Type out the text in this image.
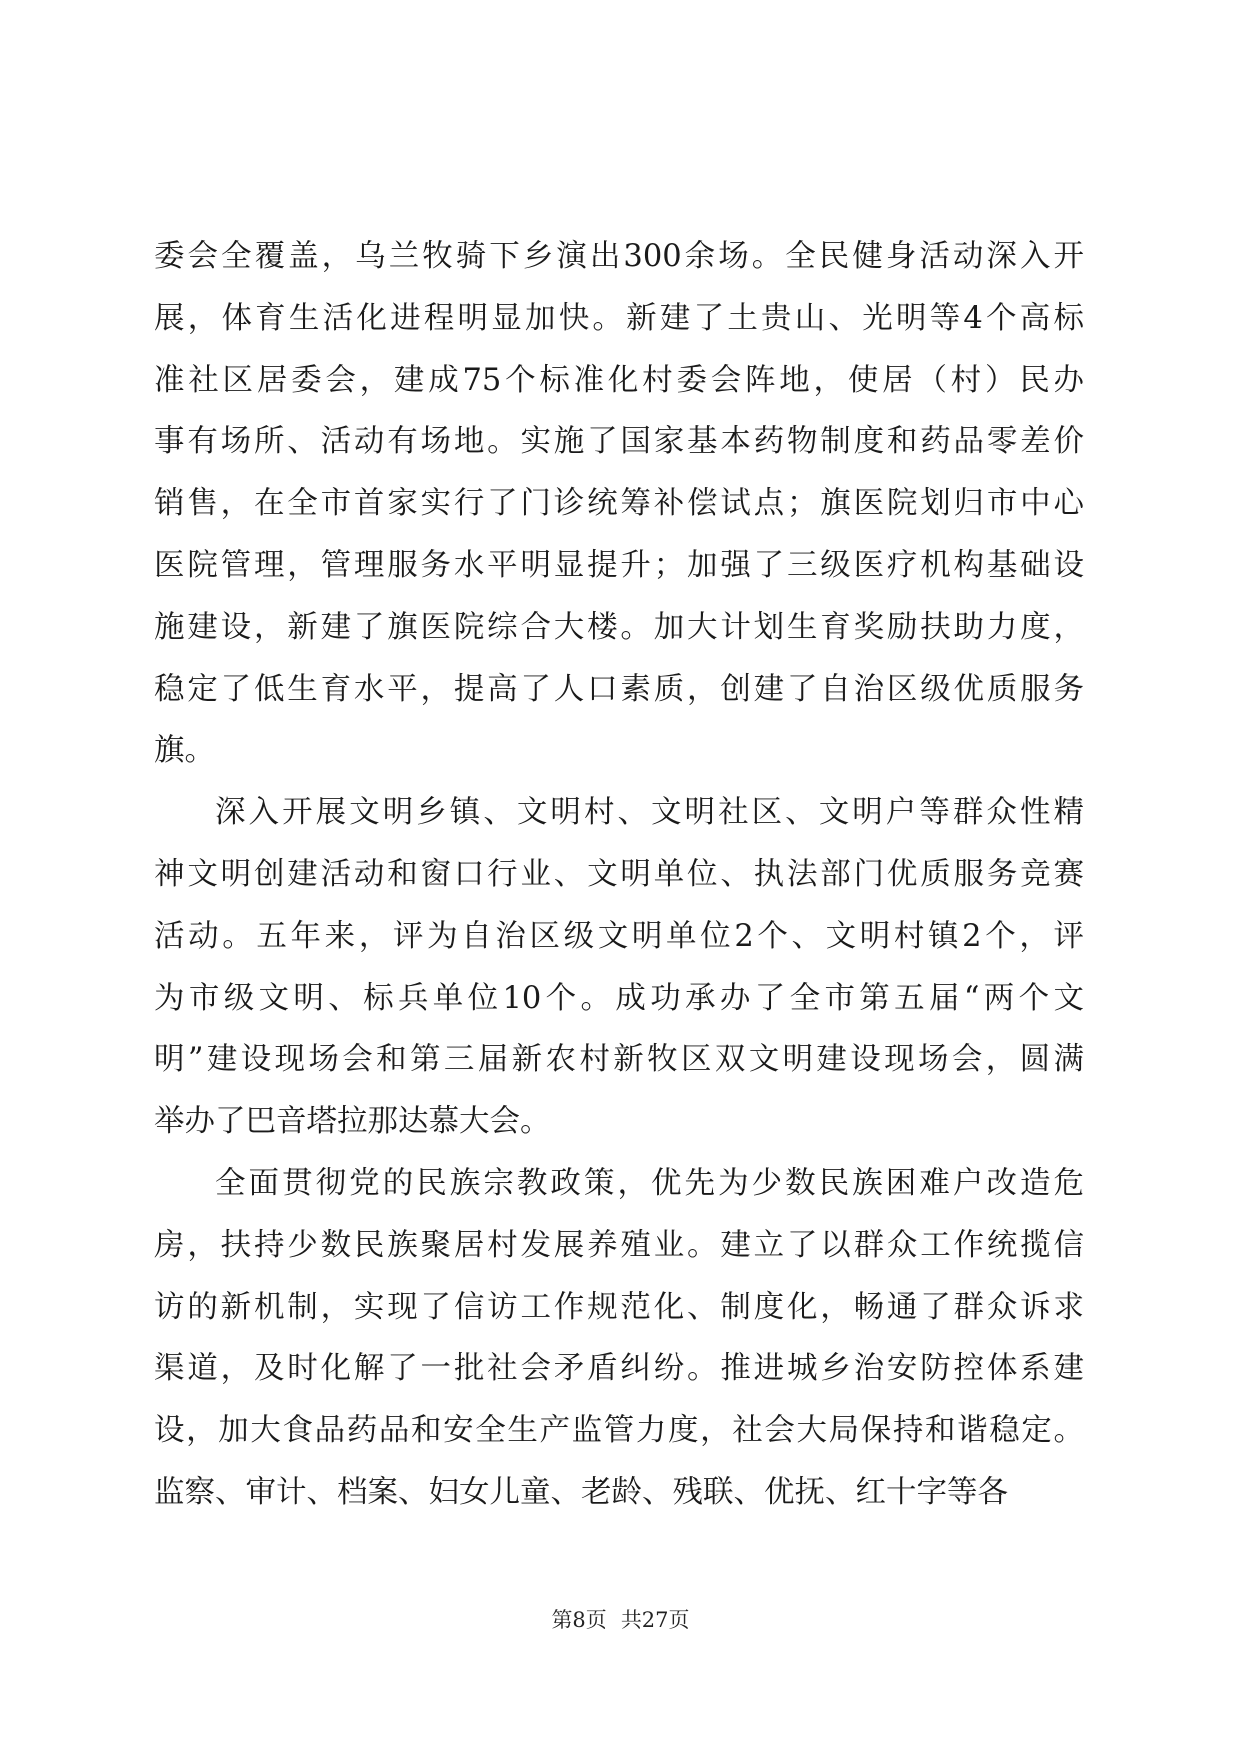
委会全覆盖，乌兰牧骑下乡演出300余场。全民健身活动深入开
展，体育生活化进程明显加快。新建了土贵山、光明等4个高标
准社区居委会，建成75个标准化村委会阵地，使居（村）民办
事有场所、活动有场地。实施了国家基本药物制度和药品零差价
销售，在全市首家实行了门诊统筹补偿试点；旗医院划归市中心
医院管理，管理服务水平明显提升；加强了三级医疗机构基础设
施建设，新建了旗医院综合大楼。加大计划生育奖励扶助力度，
稳定了低生育水平，提高了人口素质，创建了自治区级优质服务
旗。
深入开展文明乡镇、文明村、文明社区、文明户等群众性精
神文明创建活动和窗口行业、文明单位、执法部门优质服务竞赛
活动。五年来，评为自治区级文明单位2个、文明村镇2个，评
为市级文明、标兵单位10个。成功承办了全市第五届“两个文
明”建设现场会和第三届新农村新牧区双文明建设现场会，圆满
举办了巴音塔拉那达慕大会。
全面贯彻党的民族宗教政策，优先为少数民族困难户改造危
房，扶持少数民族聚居村发展养殖业。建立了以群众工作统揽信
访的新机制，实现了信访工作规范化、制度化，畅通了群众诉求
渠道，及时化解了一批社会矛盾纠纷。推进城乡治安防控体系建
设，加大食品药品和安全生产监管力度，社会大局保持和谐稳定。
监察、审计、档案、妇女儿童、老龄、残联、优抚、红十字等各
第8页 共27页
